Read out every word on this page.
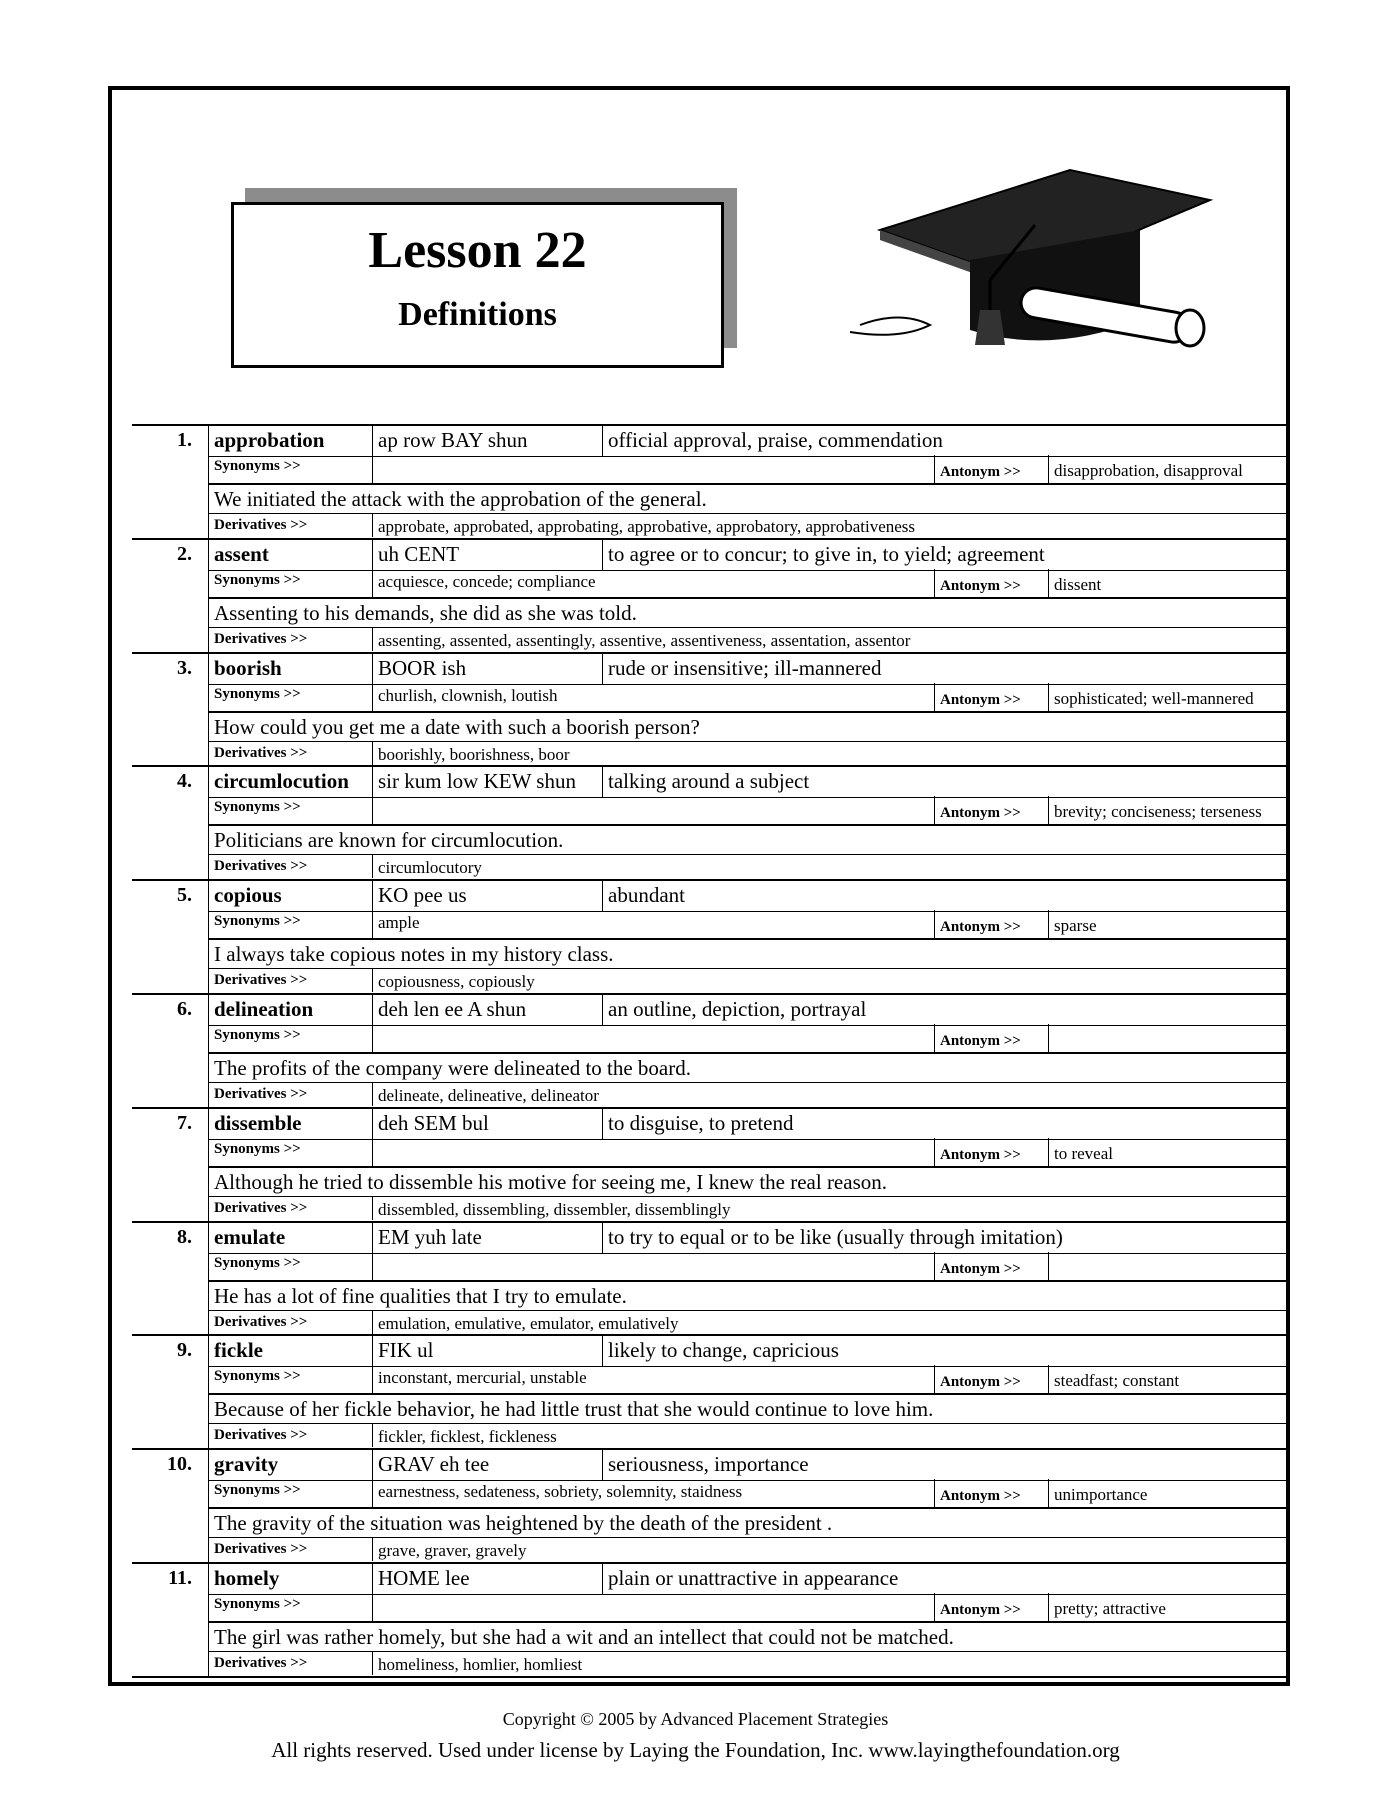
Lesson 22
Definitions
1. approbation	ap row BAY shun	official approval, praise, commendation
Synonyms >>	Antonym >> disapprobation, disapproval
We initiated the attack with the approbation of the general.
Derivatives >>	approbate, approbated, approbating, approbative, approbatory, approbativeness
2. assent	uh CENT	to agree or to concur; to give in, to yield; agreement
Synonyms >>	acquiesce, concede; compliance	Antonym >> dissent
Assenting to his demands, she did as she was told.
Derivatives >>	assenting, assented, assentingly, assentive, assentiveness, assentation, assentor
3. boorish	BOOR ish	rude or insensitive; ill-mannered
Synonyms >>	churlish, clownish, loutish	Antonym >> sophisticated; well-mannered
How could you get me a date with such a boorish person?
Derivatives >>	boorishly, boorishness, boor
4. circumlocution	sir kum low KEW shun	talking around a subject
Synonyms >>	Antonym >> brevity; conciseness; terseness
Politicians are known for circumlocution.
Derivatives >>	circumlocutory
5. copious	KO pee us	abundant
Synonyms >>	ample	Antonym >> sparse
I always take copious notes in my history class.
Derivatives >>	copiousness, copiously
6. delineation	deh len ee A shun	an outline, depiction, portrayal
Synonyms >>	Antonym >>
The profits of the company were delineated to the board.
Derivatives >>	delineate, delineative, delineator
7. dissemble	deh SEM bul	to disguise, to pretend
Synonyms >>	Antonym >> to reveal
Although he tried to dissemble his motive for seeing me, I knew the real reason.
Derivatives >>	dissembled, dissembling, dissembler, dissemblingly
8. emulate	EM yuh late	to try to equal or to be like (usually through imitation)
Synonyms >>	Antonym >>
He has a lot of fine qualities that I try to emulate.
Derivatives >>	emulation, emulative, emulator, emulatively
9. fickle	FIK ul	likely to change, capricious
Synonyms >>	inconstant, mercurial, unstable	Antonym >> steadfast; constant
Because of her fickle behavior, he had little trust that she would continue to love him.
Derivatives >>	fickler, ficklest, fickleness
10. gravity	GRAV eh tee	seriousness, importance
Synonyms >>	earnestness, sedateness, sobriety, solemnity, staidness	Antonym >> unimportance
The gravity of the situation was heightened by the death of the president .
Derivatives >>	grave, graver, gravely
11. homely	HOME lee	plain or unattractive in appearance
Synonyms >>	Antonym >> pretty; attractive
The girl was rather homely, but she had a wit and an intellect that could not be matched.
Derivatives >>	homeliness, homlier, homliest
Copyright © 2005 by Advanced Placement Strategies
All rights reserved. Used under license by Laying the Foundation, Inc. www.layingthefoundation.org
